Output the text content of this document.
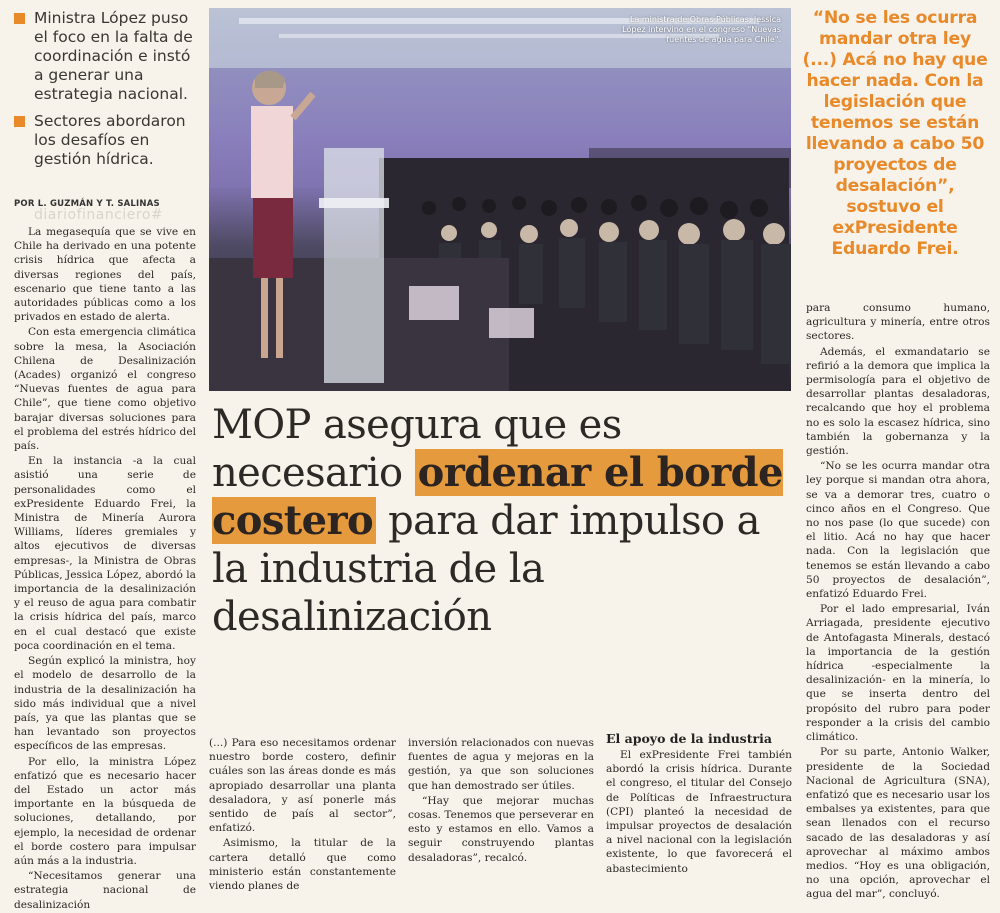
Ministra López puso el foco en la falta de coordinación e instó a generar una estrategia nacional.
Sectores abordaron los desafíos en gestión hídrica.
POR L. GUZMÁN Y T. SALINAS
diariofinanciero#

La megasequía que se vive en Chile ha derivado en una potente crisis hídrica que afecta a diversas regiones del país, escenario que tiene tanto a las autoridades públicas como a los privados en estado de alerta.

Con esta emergencia climática sobre la mesa, la Asociación Chilena de Desalinización (Acades) organizó el congreso “Nuevas fuentes de agua para Chile”, que tiene como objetivo barajar diversas soluciones para el problema del estrés hídrico del país.

En la instancia -a la cual asistió una serie de personalidades como el exPresidente Eduardo Frei, la Ministra de Minería Aurora Williams, líderes gremiales y altos ejecutivos de diversas empresas-, la Ministra de Obras Públicas, Jessica López, abordó la importancia de la desalinización y el reuso de agua para combatir la crisis hídrica del país, marco en el cual destacó que existe poca coordinación en el tema.

Según explicó la ministra, hoy el modelo de desarrollo de la industria de la desalinización ha sido más individual que a nivel país, ya que las plantas que se han levantado son proyectos específicos de las empresas.

Por ello, la ministra López enfatizó que es necesario hacer del Estado un actor más importante en la búsqueda de soluciones, detallando, por ejemplo, la necesidad de ordenar el borde costero para impulsar aún más a la industria.

“Necesitamos generar una estrategia nacional de desalinización

La ministra de Obras Públicas, Jessica López intervino en el congreso "Nuevas fuentes de agua para Chile".
“No se les ocurra mandar otra ley (...) Acá no hay que hacer nada. Con la legislación que tenemos se están llevando a cabo 50 proyectos de desalación”, sostuvo el exPresidente Eduardo Frei.
MOP asegura que es necesario ordenar el borde costero para dar impulso a la industria de la desalinización

(...) Para eso necesitamos ordenar nuestro borde costero, definir cuáles son las áreas donde es más apropiado desarrollar una planta desaladora, y así ponerle más sentido de país al sector”, enfatizó.

Asimismo, la titular de la cartera detalló que como ministerio están constantemente viendo planes de

inversión relacionados con nuevas fuentes de agua y mejoras en la gestión, ya que son soluciones que han demostrado ser útiles.

“Hay que mejorar muchas cosas. Tenemos que perseverar en esto y estamos en ello. Vamos a seguir construyendo plantas desaladoras”, recalcó.

El apoyo de la industria

El exPresidente Frei también abordó la crisis hídrica. Durante el congreso, el titular del Consejo de Políticas de Infraestructura (CPI) planteó la necesidad de impulsar proyectos de desalación a nivel nacional con la legislación existente, lo que favorecerá el abastecimiento

para consumo humano, agricultura y minería, entre otros sectores.

Además, el exmandatario se refirió a la demora que implica la permisología para el objetivo de desarrollar plantas desaladoras, recalcando que hoy el problema no es solo la escasez hídrica, sino también la gobernanza y la gestión.

“No se les ocurra mandar otra ley porque si mandan otra ahora, se va a demorar tres, cuatro o cinco años en el Congreso. Que no nos pase (lo que sucede) con el litio. Acá no hay que hacer nada. Con la legislación que tenemos se están llevando a cabo 50 proyectos de desalación”, enfatizó Eduardo Frei.

Por el lado empresarial, Iván Arriagada, presidente ejecutivo de Antofagasta Minerals, destacó la importancia de la gestión hídrica -especialmente la desalinización- en la minería, lo que se inserta dentro del propósito del rubro para poder responder a la crisis del cambio climático.

Por su parte, Antonio Walker, presidente de la Sociedad Nacional de Agricultura (SNA), enfatizó que es necesario usar los embalses ya existentes, para que sean llenados con el recurso sacado de las desaladoras y así aprovechar al máximo ambos medios. “Hoy es una obligación, no una opción, aprovechar el agua del mar”, concluyó.
